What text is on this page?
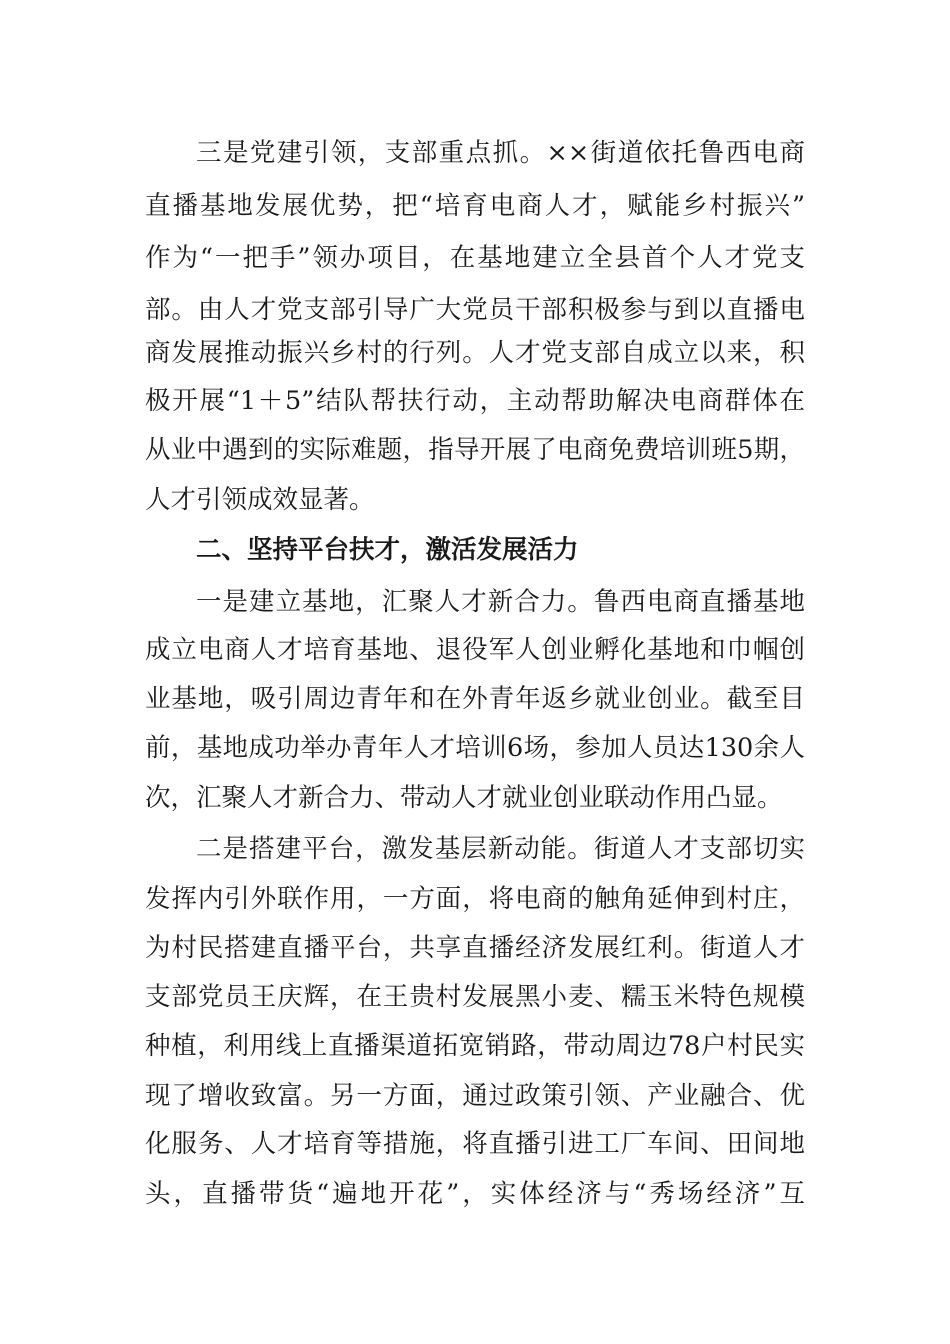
三是党建引领，支部重点抓。××街道依托鲁西电商
直播基地发展优势，把“培育电商人才，赋能乡村振兴”
作为“一把手”领办项目，在基地建立全县首个人才党支
部。由人才党支部引导广大党员干部积极参与到以直播电
商发展推动振兴乡村的行列。人才党支部自成立以来，积
极开展“1＋5”结队帮扶行动，主动帮助解决电商群体在
从业中遇到的实际难题，指导开展了电商免费培训班5期，
人才引领成效显著。
二、坚持平台扶才，激活发展活力
一是建立基地，汇聚人才新合力。鲁西电商直播基地
成立电商人才培育基地、退役军人创业孵化基地和巾帼创
业基地，吸引周边青年和在外青年返乡就业创业。截至目
前，基地成功举办青年人才培训6场，参加人员达130余人
次，汇聚人才新合力、带动人才就业创业联动作用凸显。
二是搭建平台，激发基层新动能。街道人才支部切实
发挥内引外联作用，一方面，将电商的触角延伸到村庄，
为村民搭建直播平台，共享直播经济发展红利。街道人才
支部党员王庆辉，在王贵村发展黑小麦、糯玉米特色规模
种植，利用线上直播渠道拓宽销路，带动周边78户村民实
现了增收致富。另一方面，通过政策引领、产业融合、优
化服务、人才培育等措施，将直播引进工厂车间、田间地
头，直播带货“遍地开花”，实体经济与“秀场经济”互
